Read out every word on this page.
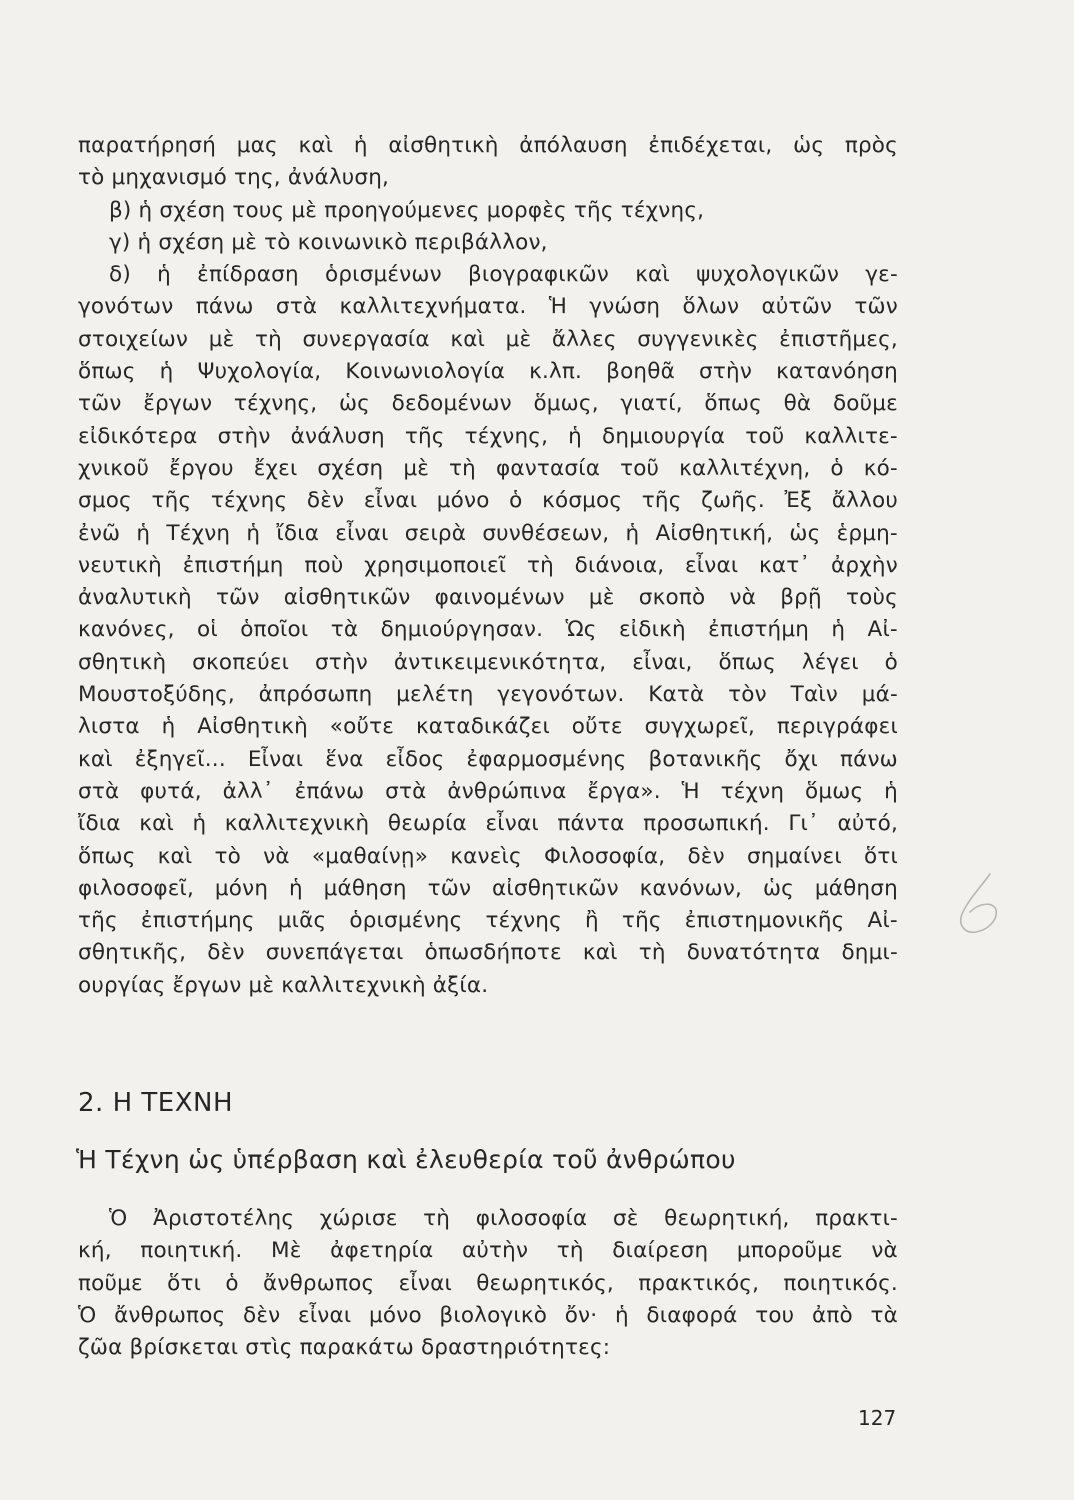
παρατήρησή μας καὶ ἡ αἰσθητικὴ ἀπόλαυση ἐπιδέχεται, ὡς πρὸς
τὸ μηχανισμό της, ἀνάλυση,
β) ἡ σχέση τους μὲ προηγούμενες μορφὲς τῆς τέχνης,
γ) ἡ σχέση μὲ τὸ κοινωνικὸ περιβάλλον,
δ) ἡ ἐπίδραση ὁρισμένων βιογραφικῶν καὶ ψυχολογικῶν γε-
γονότων πάνω στὰ καλλιτεχνήματα. Ἡ γνώση ὅλων αὐτῶν τῶν
στοιχείων μὲ τὴ συνεργασία καὶ μὲ ἄλλες συγγενικὲς ἐπιστῆμες,
ὅπως ἡ Ψυχολογία, Κοινωνιολογία κ.λπ. βοηθᾶ στὴν κατανόηση
τῶν ἔργων τέχνης, ὡς δεδομένων ὅμως, γιατί, ὅπως θὰ δοῦμε
εἰδικότερα στὴν ἀνάλυση τῆς τέχνης, ἡ δημιουργία τοῦ καλλιτε-
χνικοῦ ἔργου ἔχει σχέση μὲ τὴ φαντασία τοῦ καλλιτέχνη, ὁ κό-
σμος τῆς τέχνης δὲν εἶναι μόνο ὁ κόσμος τῆς ζωῆς. Ἐξ ἄλλου
ἐνῶ ἡ Τέχνη ἡ ἴδια εἶναι σειρὰ συνθέσεων, ἡ Αἰσθητική, ὡς ἑρμη-
νευτικὴ ἐπιστήμη ποὺ χρησιμοποιεῖ τὴ διάνοια, εἶναι κατ᾽ ἀρχὴν
ἀναλυτικὴ τῶν αἰσθητικῶν φαινομένων μὲ σκοπὸ νὰ βρῇ τοὺς
κανόνες, οἱ ὁποῖοι τὰ δημιούργησαν. Ὡς εἰδικὴ ἐπιστήμη ἡ Αἰ-
σθητικὴ σκοπεύει στὴν ἀντικειμενικότητα, εἶναι, ὅπως λέγει ὁ
Μουστοξύδης, ἀπρόσωπη μελέτη γεγονότων. Κατὰ τὸν Ταὶν μά-
λιστα ἡ Αἰσθητικὴ «οὔτε καταδικάζει οὔτε συγχωρεῖ, περιγράφει
καὶ ἐξηγεῖ... Εἶναι ἕνα εἶδος ἐφαρμοσμένης βοτανικῆς ὄχι πάνω
στὰ φυτά, ἀλλ᾽ ἐπάνω στὰ ἀνθρώπινα ἔργα». Ἡ τέχνη ὅμως ἡ
ἴδια καὶ ἡ καλλιτεχνικὴ θεωρία εἶναι πάντα προσωπική. Γι᾽ αὐτό,
ὅπως καὶ τὸ νὰ «μαθαίνῃ» κανεὶς Φιλοσοφία, δὲν σημαίνει ὅτι
φιλοσοφεῖ, μόνη ἡ μάθηση τῶν αἰσθητικῶν κανόνων, ὡς μάθηση
τῆς ἐπιστήμης μιᾶς ὁρισμένης τέχνης ἢ τῆς ἐπιστημονικῆς Αἰ-
σθητικῆς, δὲν συνεπάγεται ὁπωσδήποτε καὶ τὴ δυνατότητα δημι-
ουργίας ἔργων μὲ καλλιτεχνικὴ ἀξία.
2. Η ΤΕΧΝΗ
Ἡ Τέχνη ὡς ὑπέρβαση καὶ ἐλευθερία τοῦ ἀνθρώπου
Ὁ Ἀριστοτέλης χώρισε τὴ φιλοσοφία σὲ θεωρητική, πρακτι-
κή, ποιητική. Μὲ ἀφετηρία αὐτὴν τὴ διαίρεση μποροῦμε νὰ
ποῦμε ὅτι ὁ ἄνθρωπος εἶναι θεωρητικός, πρακτικός, ποιητικός.
Ὁ ἄνθρωπος δὲν εἶναι μόνο βιολογικὸ ὄν· ἡ διαφορά του ἀπὸ τὰ
ζῶα βρίσκεται στὶς παρακάτω δραστηριότητες:
127
